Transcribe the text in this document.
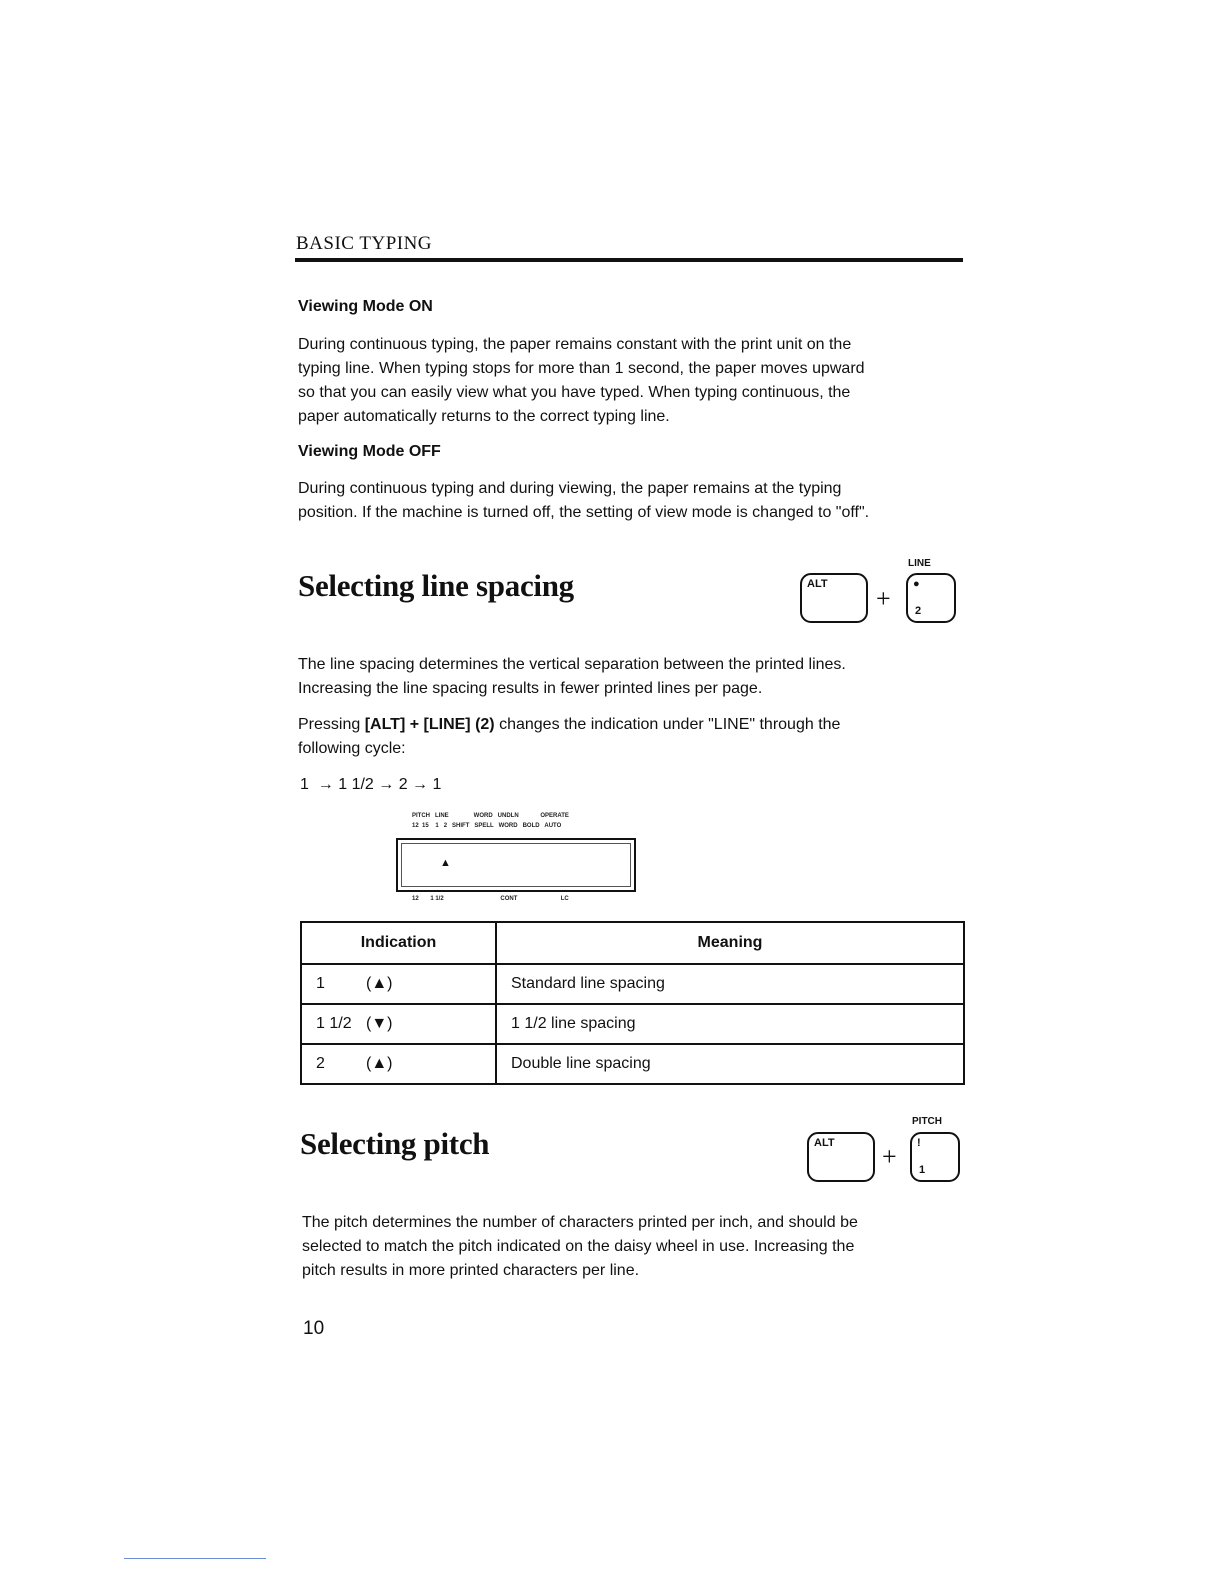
BASIC TYPING
Viewing Mode ON
During continuous typing, the paper remains constant with the print unit on the
typing line. When typing stops for more than 1 second, the paper moves upward
so that you can easily view what you have typed. When typing continuous, the
paper automatically returns to the correct typing line.
Viewing Mode OFF
During continuous typing and during viewing, the paper remains at the typing
position. If the machine is turned off, the setting of view mode is changed to "off".
Selecting line spacing	ALT +
LINE
●
2
The line spacing determines the vertical separation between the printed lines.
Increasing the line spacing results in fewer printed lines per page.
Pressing [ALT] + [LINE] (2) changes the indication under "LINE" through the
following cycle:
1  → 1 1/2 → 2 → 1
PITCH   LINE               WORD   UNDLN             OPERATE
12  15    1   2   SHIFT   SPELL   WORD   BOLD   AUTO
▲
12       1 1/2                                  CONT                          LC
Indication	Meaning
1 (▲)	Standard line spacing
1 1/2 (▼)	1 1/2 line spacing
2 (▲)	Double line spacing
Selecting pitch	ALT +
PITCH
!
1
The pitch determines the number of characters printed per inch, and should be
selected to match the pitch indicated on the daisy wheel in use. Increasing the
pitch results in more printed characters per line.
10
